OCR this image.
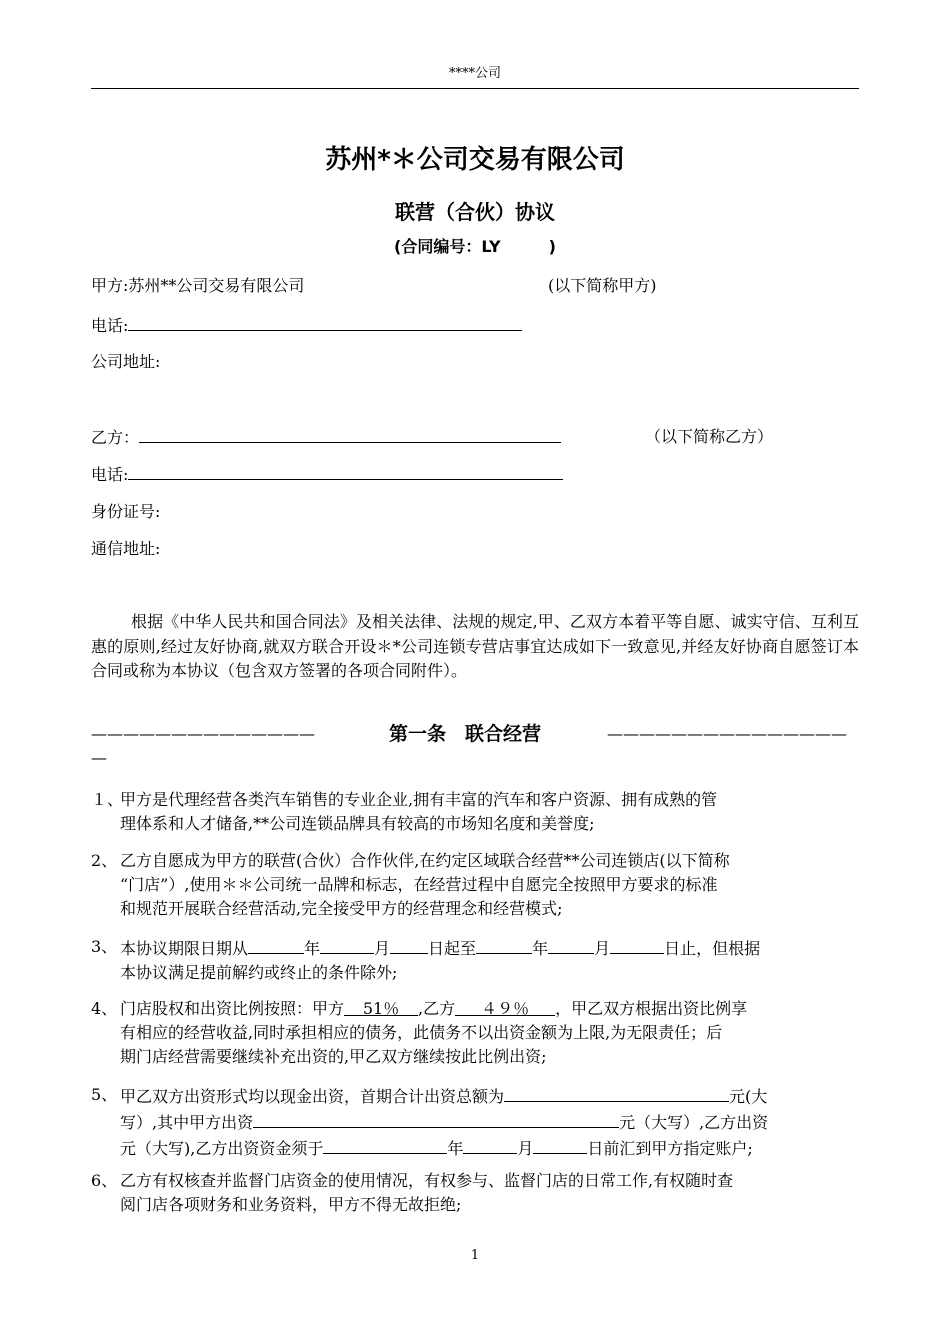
****公司
苏州*＊公司交易有限公司
联营（合伙）协议
(合同编号：LY　　　)
甲方:苏州**公司交易有限公司	(以下简称甲方)
电话:
公司地址:
乙方：	（以下简称乙方）
电话:
身份证号:
通信地址:

根据《中华人民共和国合同法》及相关法律、法规的规定,甲、乙双方本着平等自愿、诚实守信、互利互惠的原则,经过友好协商,就双方联合开设＊*公司连锁专营店事宜达成如下一致意见,并经友好协商自愿签订本合同或称为本协议（包含双方签署的各项合同附件）。

——————————————	第一条　联合经营	———————————————
—
１、
甲方是代理经营各类汽车销售的专业企业,拥有丰富的汽车和客户资源、拥有成熟的管
理体系和人才储备,**公司连锁品牌具有较高的市场知名度和美誉度;
2、 乙方自愿成为甲方的联营(合伙）合作伙伴,在约定区域联合经营**公司连锁店(以下简称
“门店”）,使用＊＊公司统一品牌和标志，在经营过程中自愿完全按照甲方要求的标准
和规范开展联合经营活动,完全接受甲方的经营理念和经营模式;
3、 本协议期限日期从	年	月 日起至	年	月	日止，但根据
本协议满足提前解约或终止的条件除外;
4、 门店股权和出资比例按照：甲方 51％ ,乙方 ４９％ ，甲乙双方根据出资比例享
有相应的经营收益,同时承担相应的债务，此债务不以出资金额为上限,为无限责任；后
期门店经营需要继续补充出资的,甲乙双方继续按此比例出资;
5、 甲乙双方出资形式均以现金出资，首期合计出资总额为	元(大
写）,其中甲方出资	元（大写）,乙方出资
元（大写),乙方出资资金须于	年	月	日前汇到甲方指定账户;
6、 乙方有权核查并监督门店资金的使用情况，有权参与、监督门店的日常工作,有权随时查
阅门店各项财务和业务资料，甲方不得无故拒绝;
1
